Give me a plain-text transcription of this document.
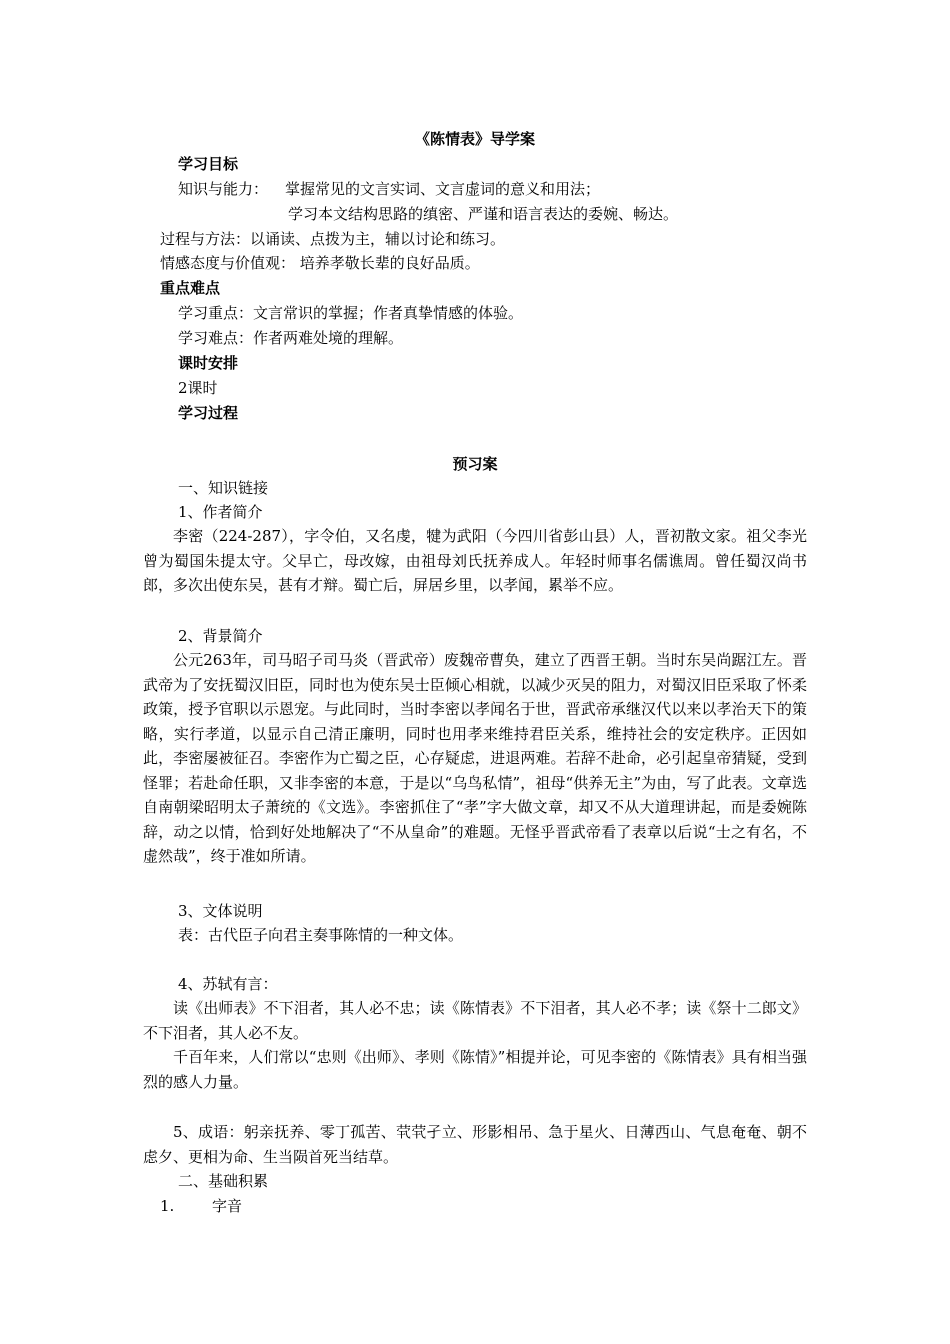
《陈情表》导学案
学习目标
知识与能力： 掌握常见的文言实词、文言虚词的意义和用法；
学习本文结构思路的缜密、严谨和语言表达的委婉、畅达。
过程与方法：以诵读、点拨为主，辅以讨论和练习。
情感态度与价值观： 培养孝敬长辈的良好品质。
重点难点
学习重点：文言常识的掌握；作者真挚情感的体验。
学习难点：作者两难处境的理解。
课时安排
2课时
学习过程
预习案
一、知识链接
1、作者简介
李密（224-287），字令伯，又名虔，犍为武阳（今四川省彭山县）人，晋初散文家。祖父李光曾为蜀国朱提太守。父早亡，母改嫁，由祖母刘氏抚养成人。年轻时师事名儒谯周。曾任蜀汉尚书郎，多次出使东吴，甚有才辩。蜀亡后，屏居乡里，以孝闻，累举不应。
2、背景简介
公元263年，司马昭子司马炎（晋武帝）废魏帝曹奂，建立了西晋王朝。当时东吴尚踞江左。晋武帝为了安抚蜀汉旧臣，同时也为使东吴士臣倾心相就，以减少灭吴的阻力，对蜀汉旧臣采取了怀柔政策，授予官职以示恩宠。与此同时，当时李密以孝闻名于世，晋武帝承继汉代以来以孝治天下的策略，实行孝道，以显示自己清正廉明，同时也用孝来维持君臣关系，维持社会的安定秩序。正因如此，李密屡被征召。李密作为亡蜀之臣，心存疑虑，进退两难。若辞不赴命，必引起皇帝猜疑，受到怪罪；若赴命任职，又非李密的本意，于是以“乌鸟私情”，祖母“供养无主”为由，写了此表。文章选自南朝梁昭明太子萧统的《文选》。李密抓住了“孝”字大做文章，却又不从大道理讲起，而是委婉陈辞，动之以情，恰到好处地解决了“不从皇命”的难题。无怪乎晋武帝看了表章以后说“士之有名，不虚然哉”，终于准如所请。
3、文体说明
表：古代臣子向君主奏事陈情的一种文体。
4、苏轼有言：
读《出师表》不下泪者，其人必不忠；读《陈情表》不下泪者，其人必不孝；读《祭十二郎文》不下泪者，其人必不友。
千百年来，人们常以“忠则《出师》、孝则《陈情》”相提并论，可见李密的《陈情表》具有相当强烈的感人力量。
5、成语：躬亲抚养、零丁孤苦、茕茕孑立、形影相吊、急于星火、日薄西山、气息奄奄、朝不虑夕、更相为命、生当陨首死当结草。
二、基础积累
1.	字音
